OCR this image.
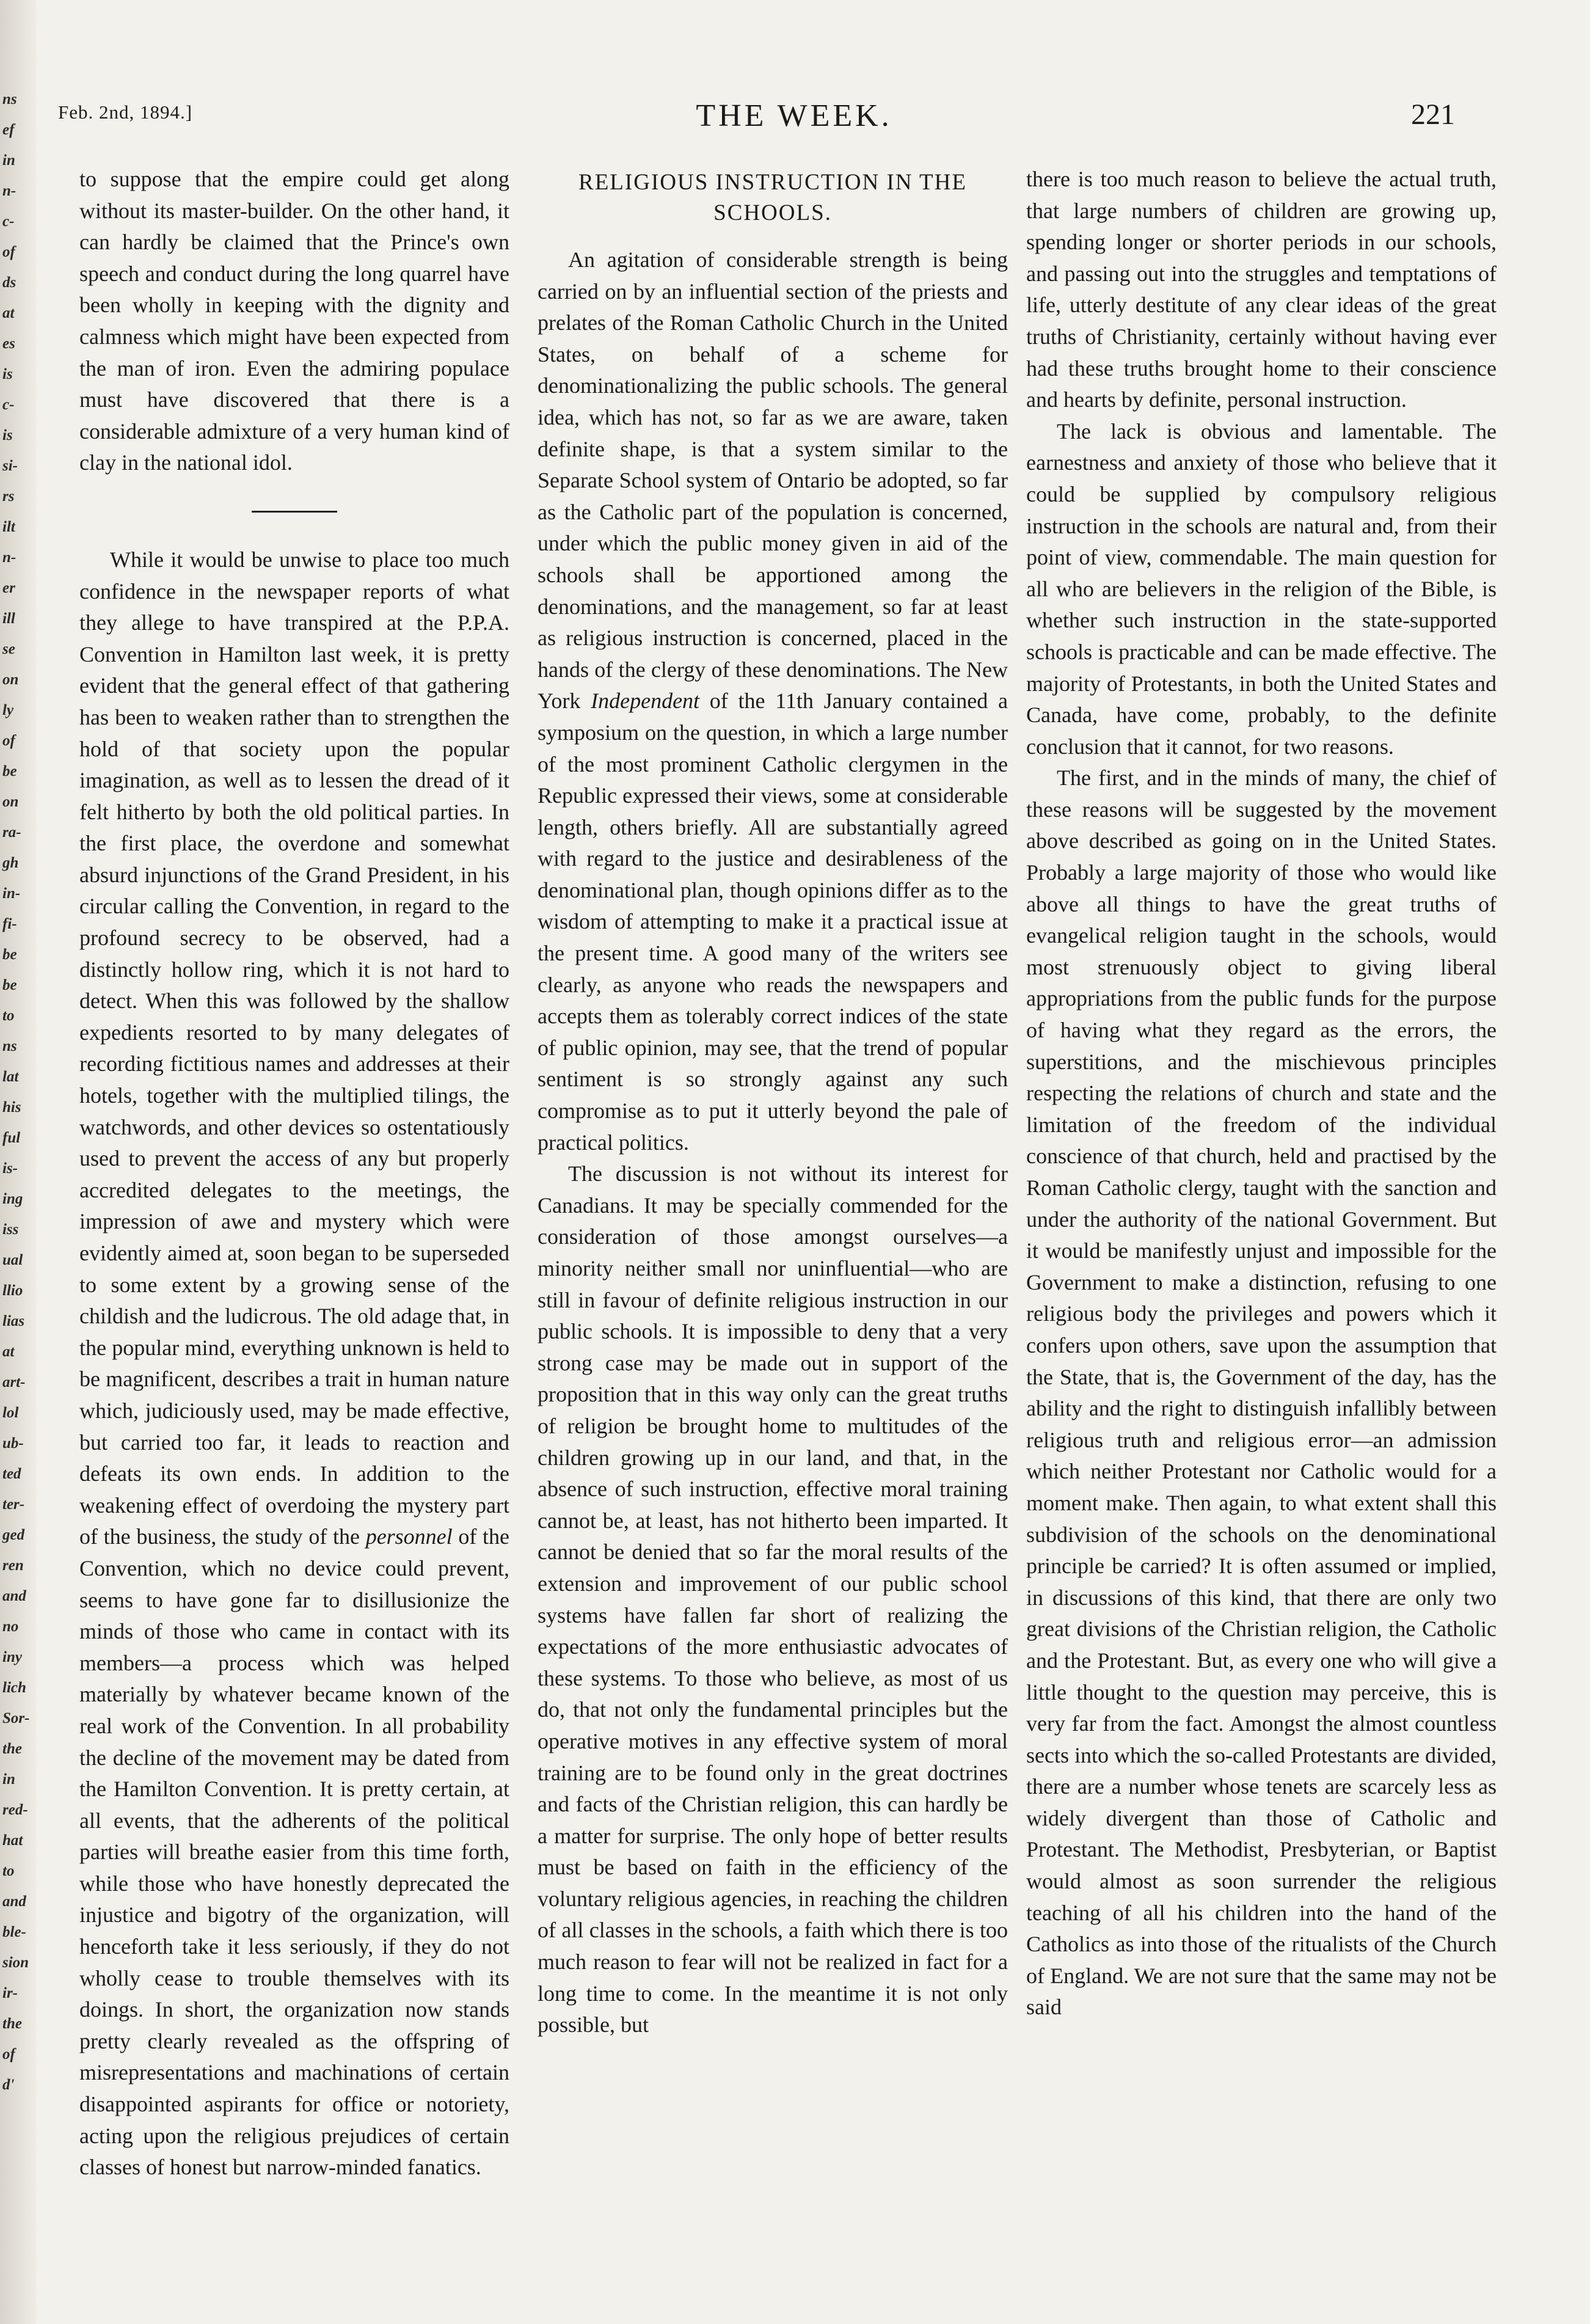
ns
ef
in
n-
c-
of
ds
at
es
is
c-
is
si-
rs
ilt
n-
er
ill
se
on
ly
of
be
on
ra-
gh
in-
fi-
be
be
to
ns
lat
his
ful
is-
ing
iss
ual
llio
lias
at
art-
lol
ub-
ted
ter-
ged
ren
and
no
iny
lich
Sor-
the
in
red-
hat
to
and
ble-
sion
ir-
the
of
d'
Feb. 2nd, 1894.]	THE WEEK.	221

to suppose that the empire could get along without its master-builder. On the other hand, it can hardly be claimed that the Prince's own speech and conduct during the long quarrel have been wholly in keeping with the dignity and calmness which might have been expected from the man of iron. Even the admiring populace must have discovered that there is a considerable admixture of a very human kind of clay in the national idol.

While it would be unwise to place too much confidence in the newspaper reports of what they allege to have transpired at the P.P.A. Convention in Hamilton last week, it is pretty evident that the general effect of that gathering has been to weaken rather than to strengthen the hold of that society upon the popular imagination, as well as to lessen the dread of it felt hitherto by both the old political parties. In the first place, the overdone and somewhat absurd injunctions of the Grand President, in his circular calling the Convention, in regard to the profound secrecy to be observed, had a distinctly hollow ring, which it is not hard to detect. When this was followed by the shallow expedients resorted to by many delegates of recording fictitious names and addresses at their hotels, together with the multiplied tilings, the watchwords, and other devices so ostentatiously used to prevent the access of any but properly accredited delegates to the meetings, the impression of awe and mystery which were evidently aimed at, soon began to be superseded to some extent by a growing sense of the childish and the ludicrous. The old adage that, in the popular mind, everything unknown is held to be magnificent, describes a trait in human nature which, judiciously used, may be made effective, but carried too far, it leads to reaction and defeats its own ends. In addition to the weakening effect of overdoing the mystery part of the business, the study of the personnel of the Convention, which no device could prevent, seems to have gone far to disillusionize the minds of those who came in contact with its members—a process which was helped materially by whatever became known of the real work of the Convention. In all probability the decline of the movement may be dated from the Hamilton Convention. It is pretty certain, at all events, that the adherents of the political parties will breathe easier from this time forth, while those who have honestly deprecated the injustice and bigotry of the organization, will henceforth take it less seriously, if they do not wholly cease to trouble themselves with its doings. In short, the organization now stands pretty clearly revealed as the offspring of misrepresentations and machinations of certain disappointed aspirants for office or notoriety, acting upon the religious prejudices of certain classes of honest but narrow-minded fanatics.

RELIGIOUS INSTRUCTION IN THE
SCHOOLS.

An agitation of considerable strength is being carried on by an influential section of the priests and prelates of the Roman Catholic Church in the United States, on behalf of a scheme for denominationalizing the public schools. The general idea, which has not, so far as we are aware, taken definite shape, is that a system similar to the Separate School system of Ontario be adopted, so far as the Catholic part of the population is concerned, under which the public money given in aid of the schools shall be apportioned among the denominations, and the management, so far at least as religious instruction is concerned, placed in the hands of the clergy of these denominations. The New York Independent of the 11th January contained a symposium on the question, in which a large number of the most prominent Catholic clergymen in the Republic expressed their views, some at considerable length, others briefly. All are substantially agreed with regard to the justice and desirableness of the denominational plan, though opinions differ as to the wisdom of attempting to make it a practical issue at the present time. A good many of the writers see clearly, as anyone who reads the newspapers and accepts them as tolerably correct indices of the state of public opinion, may see, that the trend of popular sentiment is so strongly against any such compromise as to put it utterly beyond the pale of practical politics.

The discussion is not without its interest for Canadians. It may be specially commended for the consideration of those amongst ourselves—a minority neither small nor uninfluential—who are still in favour of definite religious instruction in our public schools. It is impossible to deny that a very strong case may be made out in support of the proposition that in this way only can the great truths of religion be brought home to multitudes of the children growing up in our land, and that, in the absence of such instruction, effective moral training cannot be, at least, has not hitherto been imparted. It cannot be denied that so far the moral results of the extension and improvement of our public school systems have fallen far short of realizing the expectations of the more enthusiastic advocates of these systems. To those who believe, as most of us do, that not only the fundamental principles but the operative motives in any effective system of moral training are to be found only in the great doctrines and facts of the Christian religion, this can hardly be a matter for surprise. The only hope of better results must be based on faith in the efficiency of the voluntary religious agencies, in reaching the children of all classes in the schools, a faith which there is too much reason to fear will not be realized in fact for a long time to come. In the meantime it is not only possible, but

there is too much reason to believe the actual truth, that large numbers of children are growing up, spending longer or shorter periods in our schools, and passing out into the struggles and temptations of life, utterly destitute of any clear ideas of the great truths of Christianity, certainly without having ever had these truths brought home to their conscience and hearts by definite, personal instruction.

The lack is obvious and lamentable. The earnestness and anxiety of those who believe that it could be supplied by compulsory religious instruction in the schools are natural and, from their point of view, commendable. The main question for all who are believers in the religion of the Bible, is whether such instruction in the state-supported schools is practicable and can be made effective. The majority of Protestants, in both the United States and Canada, have come, probably, to the definite conclusion that it cannot, for two reasons.

The first, and in the minds of many, the chief of these reasons will be suggested by the movement above described as going on in the United States. Probably a large majority of those who would like above all things to have the great truths of evangelical religion taught in the schools, would most strenuously object to giving liberal appropriations from the public funds for the purpose of having what they regard as the errors, the superstitions, and the mischievous principles respecting the relations of church and state and the limitation of the freedom of the individual conscience of that church, held and practised by the Roman Catholic clergy, taught with the sanction and under the authority of the national Government. But it would be manifestly unjust and impossible for the Government to make a distinction, refusing to one religious body the privileges and powers which it confers upon others, save upon the assumption that the State, that is, the Government of the day, has the ability and the right to distinguish infallibly between religious truth and religious error—an admission which neither Protestant nor Catholic would for a moment make. Then again, to what extent shall this subdivision of the schools on the denominational principle be carried? It is often assumed or implied, in discussions of this kind, that there are only two great divisions of the Christian religion, the Catholic and the Protestant. But, as every one who will give a little thought to the question may perceive, this is very far from the fact. Amongst the almost countless sects into which the so-called Protestants are divided, there are a number whose tenets are scarcely less as widely divergent than those of Catholic and Protestant. The Methodist, Presbyterian, or Baptist would almost as soon surrender the religious teaching of all his children into the hand of the Catholics as into those of the ritualists of the Church of England. We are not sure that the same may not be said
